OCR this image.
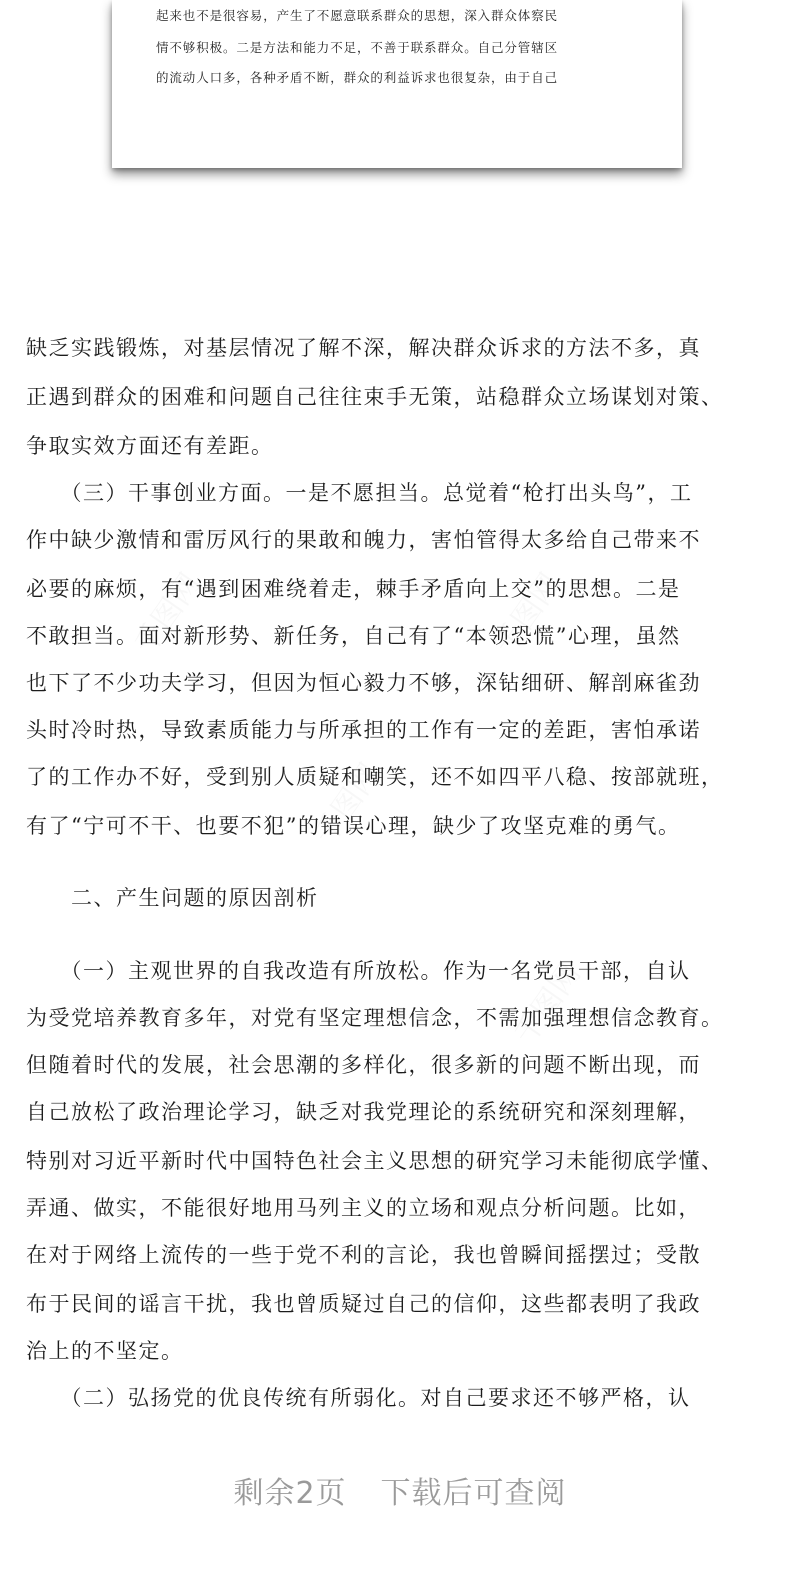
千图网	千图网
千图网
千图网
起来也不是很容易，产生了不愿意联系群众的思想，深入群众体察民
情不够积极。二是方法和能力不足，不善于联系群众。自己分管辖区
的流动人口多，各种矛盾不断，群众的利益诉求也很复杂，由于自己
缺乏实践锻炼，对基层情况了解不深，解决群众诉求的方法不多，真
正遇到群众的困难和问题自己往往束手无策，站稳群众立场谋划对策、
争取实效方面还有差距。
　　（三）干事创业方面。一是不愿担当。总觉着“枪打出头鸟”，工
作中缺少激情和雷厉风行的果敢和魄力，害怕管得太多给自己带来不
必要的麻烦，有“遇到困难绕着走，棘手矛盾向上交”的思想。二是
不敢担当。面对新形势、新任务，自己有了“本领恐慌”心理，虽然
也下了不少功夫学习，但因为恒心毅力不够，深钻细研、解剖麻雀劲
头时冷时热，导致素质能力与所承担的工作有一定的差距，害怕承诺
了的工作办不好，受到别人质疑和嘲笑，还不如四平八稳、按部就班，
有了“宁可不干、也要不犯”的错误心理，缺少了攻坚克难的勇气。
　　二、产生问题的原因剖析
　　（一）主观世界的自我改造有所放松。作为一名党员干部，自认
为受党培养教育多年，对党有坚定理想信念，不需加强理想信念教育。
但随着时代的发展，社会思潮的多样化，很多新的问题不断出现，而
自己放松了政治理论学习，缺乏对我党理论的系统研究和深刻理解，
特别对习近平新时代中国特色社会主义思想的研究学习未能彻底学懂、
弄通、做实，不能很好地用马列主义的立场和观点分析问题。比如，
在对于网络上流传的一些于党不利的言论，我也曾瞬间摇摆过；受散
布于民间的谣言干扰，我也曾质疑过自己的信仰，这些都表明了我政
治上的不坚定。
　　（二）弘扬党的优良传统有所弱化。对自己要求还不够严格，认
剩余2页 下载后可查阅
